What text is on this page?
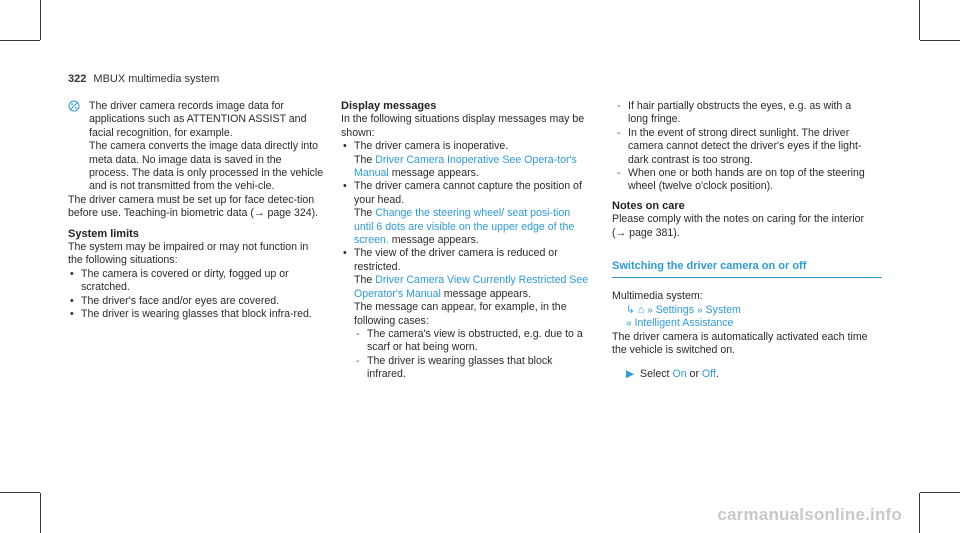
322 MBUX multimedia system

The driver camera records image data for applications such as ATTENTION ASSIST and facial recognition, for example.

The camera converts the image data directly into meta data. No image data is saved in the process. The data is only processed in the vehicle and is not transmitted from the vehi-cle.

The driver camera must be set up for face detec-tion before use. Teaching-in biometric data (→ page 324).

System limits

The system may be impaired or may not function in the following situations:

• The camera is covered or dirty, fogged up or scratched.

• The driver's face and/or eyes are covered.

• The driver is wearing glasses that block infra-red.

Display messages

In the following situations display messages may be shown:

• The driver camera is inoperative.

The Driver Camera Inoperative See Opera-tor's Manual message appears.

• The driver camera cannot capture the position of your head.

The Change the steering wheel/ seat posi-tion until 6 dots are visible on the upper edge of the screen. message appears.

• The view of the driver camera is reduced or restricted.

The Driver Camera View Currently Restricted See Operator's Manual message appears.

The message can appear, for example, in the following cases:

- The camera's view is obstructed, e.g. due to a scarf or hat being worn.

- The driver is wearing glasses that block infrared.

- If hair partially obstructs the eyes, e.g. as with a long fringe.

- In the event of strong direct sunlight. The driver camera cannot detect the driver's eyes if the light-dark contrast is too strong.

- When one or both hands are on top of the steering wheel (twelve o'clock position).

Notes on care

Please comply with the notes on caring for the interior (→ page 381).

Switching the driver camera on or off

Multimedia system:

↳ ⌂ » Settings » System

» Intelligent Assistance

The driver camera is automatically activated each time the vehicle is switched on.

▶ Select On or Off.

carmanualsonline.info
